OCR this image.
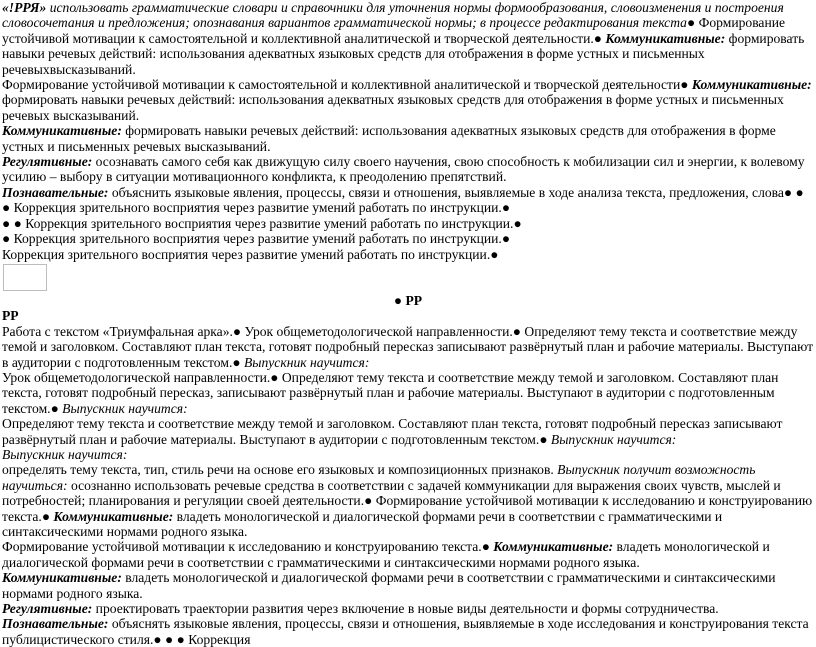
«!РРЯ» использовать грамматические словари и справочники для уточнения нормы формообразования, словоизменения и построения словосочетания и предложения; опознавания вариантов грамматической нормы; в процессе редактирования текста● Формирование устойчивой мотивации к самостоятельной и коллективной аналитической и творческой деятельности.● Коммуникативные: формировать навыки речевых действий: использования адекватных языковых средств для отображения в форме устных и письменных речевыхвысказываний.

Формирование устойчивой мотивации к самостоятельной и коллективной аналитической и творческой деятельности● Коммуникативные: формировать навыки речевых действий: использования адекватных языковых средств для отображения в форме устных и письменных речевых высказываний.

Коммуникативные: формировать навыки речевых действий: использования адекватных языковых средств для отображения в форме устных и письменных речевых высказываний.

Регулятивные: осознавать самого себя как движущую силу своего научения, свою способность к мобилизации сил и энергии, к волевому усилию – выбору в ситуации мотивационного конфликта, к преодолению препятствий.

Познавательные: объяснить языковые явления, процессы, связи и отношения, выявляемые в ходе анализа текста, предложения, слова● ● ● Коррекция зрительного восприятия через развитие умений работать по инструкции.●

● ● Коррекция зрительного восприятия через развитие умений работать по инструкции.●

● Коррекция зрительного восприятия через развитие умений работать по инструкции.●

Коррекция зрительного восприятия через развитие умений работать по инструкции.●

● РР

РР

Работа с текстом «Триумфальная арка».● Урок общеметодологической направленности.● Определяют тему текста и соответствие между темой и заголовком. Составляют план текста, готовят подробный пересказ записывают развёрнутый план и рабочие материалы. Выступают в аудитории с подготовленным текстом.● Выпускник научится:

Урок общеметодологической направленности.● Определяют тему текста и соответствие между темой и заголовком. Составляют план текста, готовят подробный пересказ, записывают развёрнутый план и рабочие материалы. Выступают в аудитории с подготовленным текстом.● Выпускник научится:

Определяют тему текста и соответствие между темой и заголовком. Составляют план текста, готовят подробный пересказ записывают развёрнутый план и рабочие материалы. Выступают в аудитории с подготовленным текстом.● Выпускник научится:

Выпускник научится:

определять тему текста, тип, стиль речи на основе его языковых и композиционных признаков. Выпускник получит возможность научиться: осознанно использовать речевые средства в соответствии с задачей коммуникации для выражения своих чувств, мыслей и потребностей; планирования и регуляции своей деятельности.● Формирование устойчивой мотивации к исследованию и конструированию текста.● Коммуникативные: владеть монологической и диалогической формами речи в соответствии с грамматическими и синтаксическими нормами родного языка.

Формирование устойчивой мотивации к исследованию и конструированию текста.● Коммуникативные: владеть монологической и диалогической формами речи в соответствии с грамматическими и синтаксическими нормами родного языка.

Коммуникативные: владеть монологической и диалогической формами речи в соответствии с грамматическими и синтаксическими нормами родного языка.

Регулятивные: проектировать траектории развития через включение в новые виды деятельности и формы сотрудничества. Познавательные: объяснять языковые явления, процессы, связи и отношения, выявляемые в ходе исследования и конструирования текста публицистического стиля.● ● ● Коррекция
